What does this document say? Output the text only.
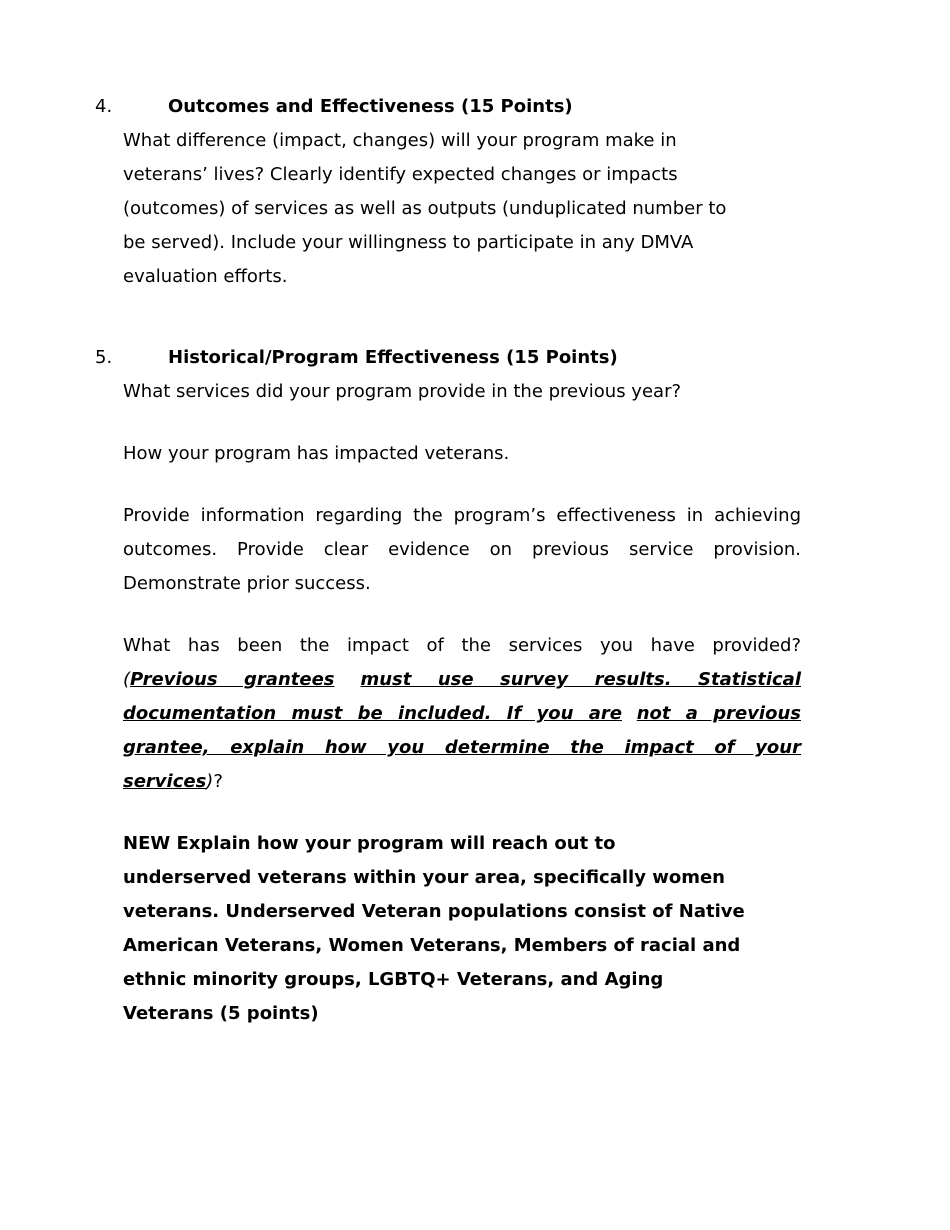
4.	Outcomes and Effectiveness (15 Points)
What difference (impact, changes) will your program make in
veterans’ lives? Clearly identify expected changes or impacts
(outcomes) of services as well as outputs (unduplicated number to
be served). Include your willingness to participate in any DMVA
evaluation efforts.
5.	Historical/Program Effectiveness (15 Points)
What services did your program provide in the previous year?
How your program has impacted veterans.
Provide information regarding the program’s effectiveness in achieving
outcomes. Provide clear evidence on previous service provision.
Demonstrate prior success.
What has been the impact of the services you have provided?
(Previous grantees must use survey results. Statistical
documentation must be included. If you are not a previous
grantee, explain how you determine the impact of your
services)?
NEW Explain how your program will reach out to
underserved veterans within your area, specifically women
veterans. Underserved Veteran populations consist of Native
American Veterans, Women Veterans, Members of racial and
ethnic minority groups, LGBTQ+ Veterans, and Aging
Veterans (5 points)
